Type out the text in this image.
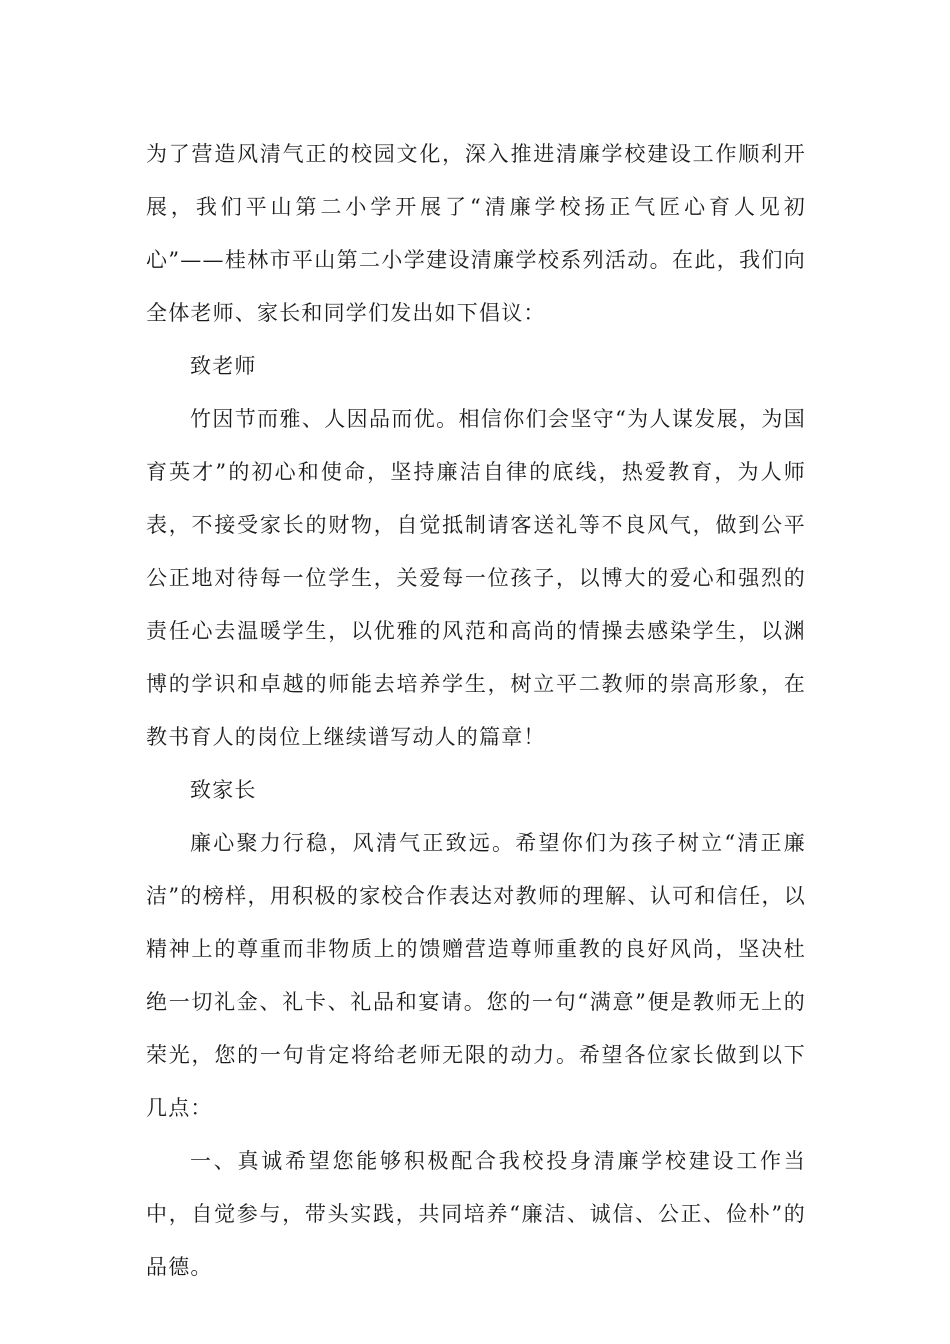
为了营造风清气正的校园文化，深入推进清廉学校建设工作顺利开展，我们平山第二小学开展了“清廉学校扬正气匠心育人见初心”——桂林市平山第二小学建设清廉学校系列活动。在此，我们向全体老师、家长和同学们发出如下倡议：

致老师

竹因节而雅、人因品而优。相信你们会坚守“为人谋发展，为国育英才”的初心和使命，坚持廉洁自律的底线，热爱教育，为人师表，不接受家长的财物，自觉抵制请客送礼等不良风气，做到公平公正地对待每一位学生，关爱每一位孩子，以博大的爱心和强烈的责任心去温暖学生，以优雅的风范和高尚的情操去感染学生，以渊博的学识和卓越的师能去培养学生，树立平二教师的崇高形象，在教书育人的岗位上继续谱写动人的篇章！

致家长

廉心聚力行稳，风清气正致远。希望你们为孩子树立“清正廉洁”的榜样，用积极的家校合作表达对教师的理解、认可和信任，以精神上的尊重而非物质上的馈赠营造尊师重教的良好风尚，坚决杜绝一切礼金、礼卡、礼品和宴请。您的一句“满意”便是教师无上的荣光，您的一句肯定将给老师无限的动力。希望各位家长做到以下几点：

一、真诚希望您能够积极配合我校投身清廉学校建设工作当中，自觉参与，带头实践，共同培养“廉洁、诚信、公正、俭朴”的品德。
